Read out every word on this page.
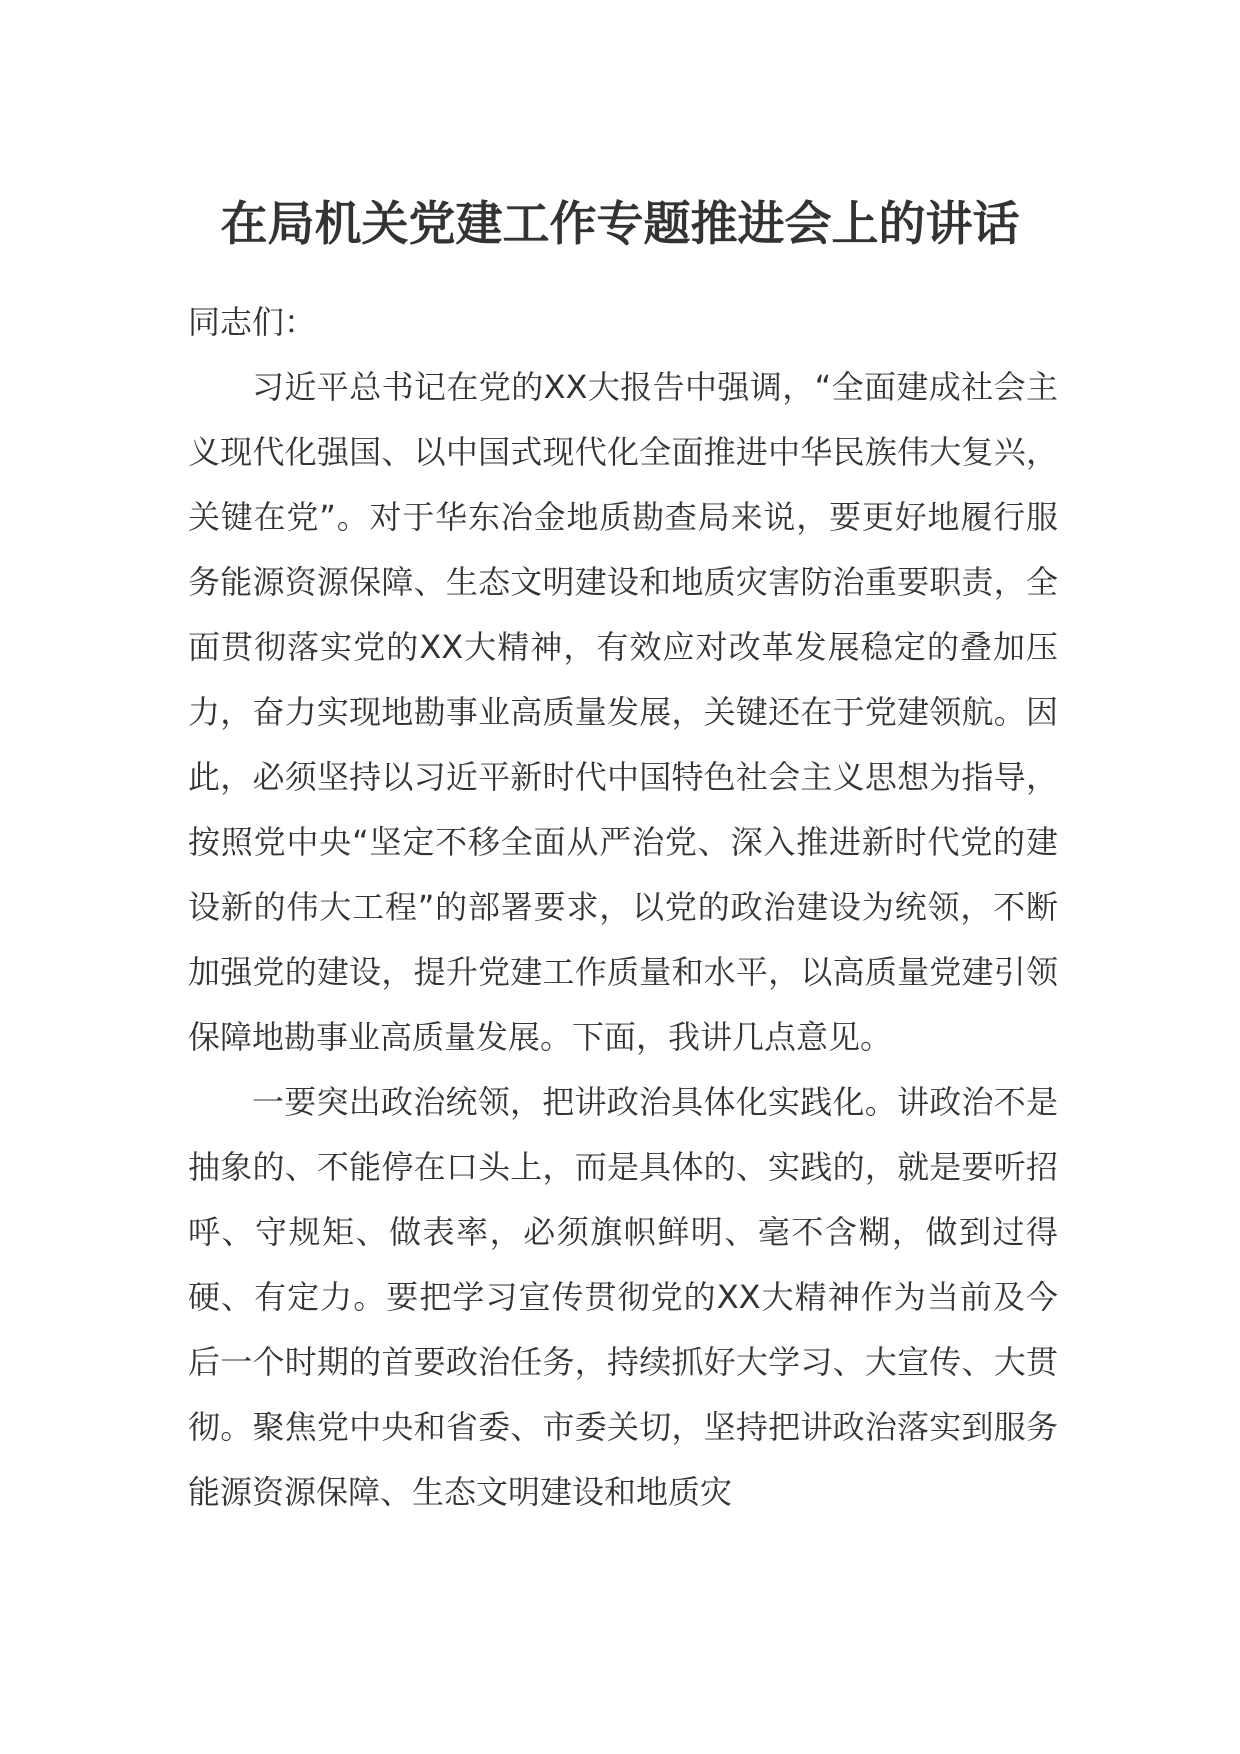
在局机关党建工作专题推进会上的讲话

同志们：

习近平总书记在党的XX大报告中强调，“全面建成社会主义现代化强国、以中国式现代化全面推进中华民族伟大复兴，关键在党”。对于华东冶金地质勘查局来说，要更好地履行服务能源资源保障、生态文明建设和地质灾害防治重要职责，全面贯彻落实党的XX大精神，有效应对改革发展稳定的叠加压力，奋力实现地勘事业高质量发展，关键还在于党建领航。因此，必须坚持以习近平新时代中国特色社会主义思想为指导，按照党中央“坚定不移全面从严治党、深入推进新时代党的建设新的伟大工程”的部署要求，以党的政治建设为统领，不断加强党的建设，提升党建工作质量和水平，以高质量党建引领保障地勘事业高质量发展。下面，我讲几点意见。

一要突出政治统领，把讲政治具体化实践化。讲政治不是抽象的、不能停在口头上，而是具体的、实践的，就是要听招呼、守规矩、做表率，必须旗帜鲜明、毫不含糊，做到过得硬、有定力。要把学习宣传贯彻党的XX大精神作为当前及今后一个时期的首要政治任务，持续抓好大学习、大宣传、大贯彻。聚焦党中央和省委、市委关切，坚持把讲政治落实到服务能源资源保障、生态文明建设和地质灾
